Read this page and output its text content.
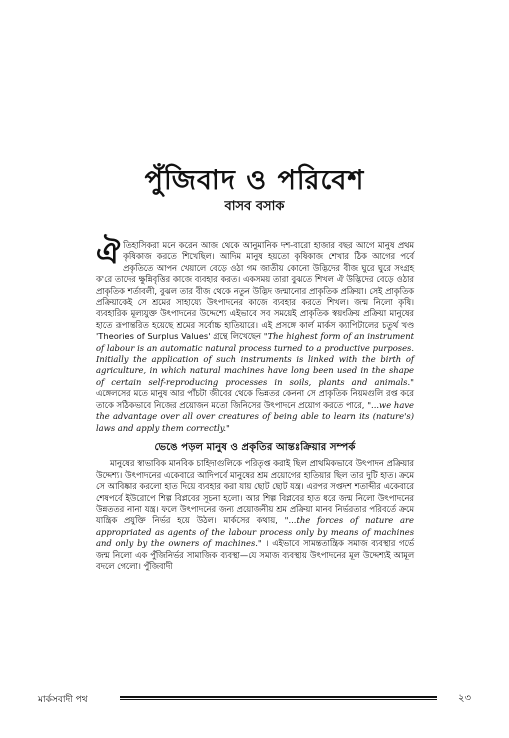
পুঁজিবাদ ও পরিবেশ
বাসব বসাক

ঐ তিহাসিকরা মনে করেন আজ থেকে আনুমানিক দশ-বারো হাজার বছর আগে মানুষ প্রথম কৃষিকাজ করতে শিখেছিল। আদিম মানুষ হয়তো কৃষিকাজ শেখার ঠিক আগের পর্বে প্রকৃতিতে আপন খেয়ালে বেড়ে ওঠা গম জাতীয় কোনো উদ্ভিদের বীজ ঘুরে ঘুরে সংগ্রহ ক'রে তাদের ক্ষুন্নিবৃত্তির কাজে ব্যবহার করত। একসময় তারা বুঝতে শিখল ঐ উদ্ভিদের বেড়ে ওঠার প্রাকৃতিক শর্তাবলী, বুঝল তার বীজ থেকে নতুন উদ্ভিদ জন্মানোর প্রাকৃতিক প্রক্রিয়া। সেই প্রাকৃতিক প্রক্রিয়াকেই সে শ্রমের সাহায্যে উৎপাদনের কাজে ব্যবহার করতে শিখল। জন্ম নিলো কৃষি। ব্যবহারিক মূল্যযুক্ত উৎপাদনের উদ্দেশ্যে এইভাবে সব সময়েই প্রাকৃতিক স্বয়ংক্রিয় প্রক্রিয়া মানুষের হাতে রূপান্তরিত হয়েছে শ্রমের সর্বোচ্চ হাতিয়ারে। এই প্রসঙ্গে কার্ল মার্কস ক্যাপিটালের চতুর্থ খণ্ড 'Theories of Surplus Values' গ্রন্থে লিখেছেন "The highest form of an instrument of labour is an automatic natural process turned to a productive purposes. Initially the application of such instruments is linked with the birth of agriculture, in which natural machines have long been used in the shape of certain self-reproducing processes in soils, plants and animals." এঙ্গেলসের মতে মানুষ আর পাঁচটা জীবের থেকে ভিন্নতর কেননা সে প্রাকৃতিক নিয়মগুলি রপ্ত করে তাকে সঠিকভাবে নিজের প্রয়োজন মতো জিনিসের উৎপাদনে প্রয়োগ করতে পারে, "...we have the advantage over all over creatures of being able to learn its (nature's) laws and apply them correctly."

ভেঙে পড়ল মানুষ ও প্রকৃতির আন্তঃক্রিয়ার সম্পর্ক

মানুষের স্বাভাবিক মানবিক চাহিদাগুলিকে পরিতৃপ্ত করাই ছিল প্রাথমিকভাবে উৎপাদন প্রক্রিয়ার উদ্দেশ্য। উৎপাদনের একেবারে আদিপর্বে মানুষের শ্রম প্রয়োগের হাতিয়ার ছিল তার দুটি হাত। ক্রমে সে আবিষ্কার করলো হাত দিয়ে ব্যবহার করা যায় ছোট ছোট যন্ত্র। এরপর সপ্তদশ শতাব্দীর একেবারে শেষপর্বে ইউরোপে শিল্প বিপ্লবের সূচনা হলো। আর শিল্প বিপ্লবের হাত ধরে জন্ম নিলো উৎপাদনের উন্নততর নানা যন্ত্র। ফলে উৎপাদনের জন্য প্রয়োজনীয় শ্রম প্রক্রিয়া মানব নির্ভরতার পরিবর্তে ক্রমে যান্ত্রিক প্রযুক্তি নির্ভর হয়ে উঠল। মার্কসের কথায়, "...the forces of nature are appropriated as agents of the labour process only by means of machines and only by the owners of machines." । এইভাবে সামন্ততান্ত্রিক সমাজ ব্যবস্থার গর্ভে জন্ম নিলো এক পুঁজিনির্ভর সামাজিক ব্যবস্থা—যে সমাজ ব্যবস্থায় উৎপাদনের মূল উদ্দেশ্যই আমূল বদলে গেলো। পুঁজিবাদী

মার্কসবাদী পথ	২৩
